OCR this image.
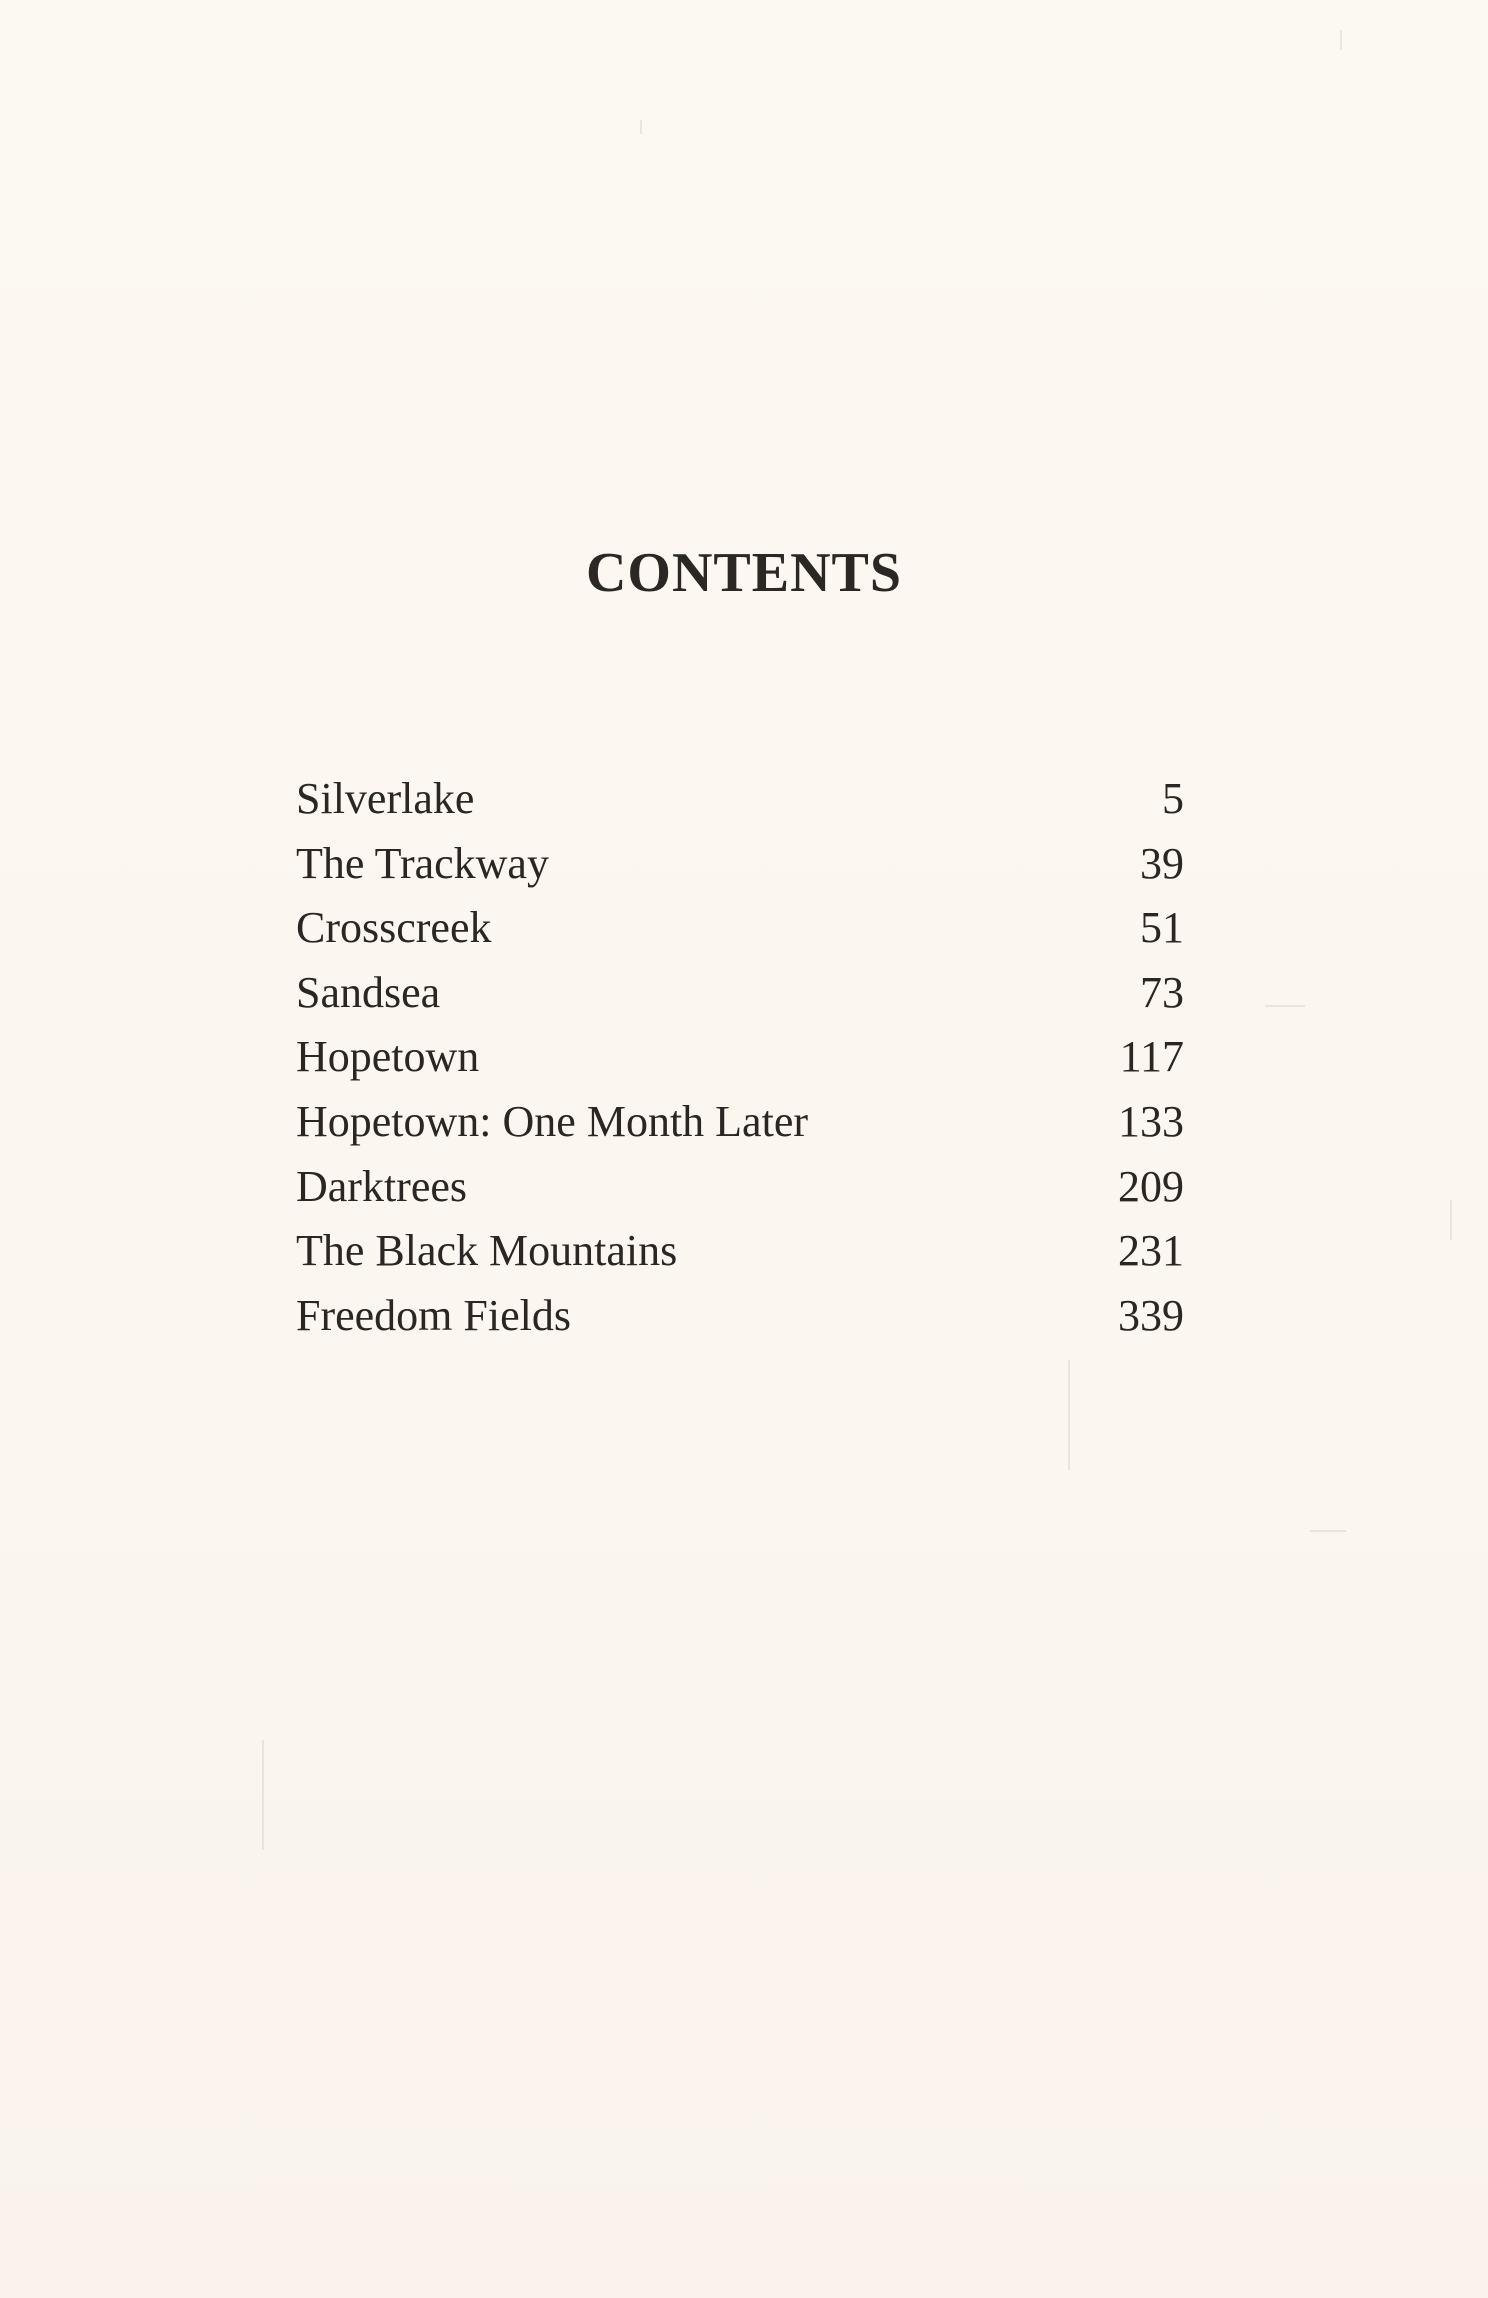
CONTENTS
Silverlake	5
The Trackway	39
Crosscreek	51
Sandsea	73
Hopetown	117
Hopetown: One Month Later	133
Darktrees	209
The Black Mountains	231
Freedom Fields	339
